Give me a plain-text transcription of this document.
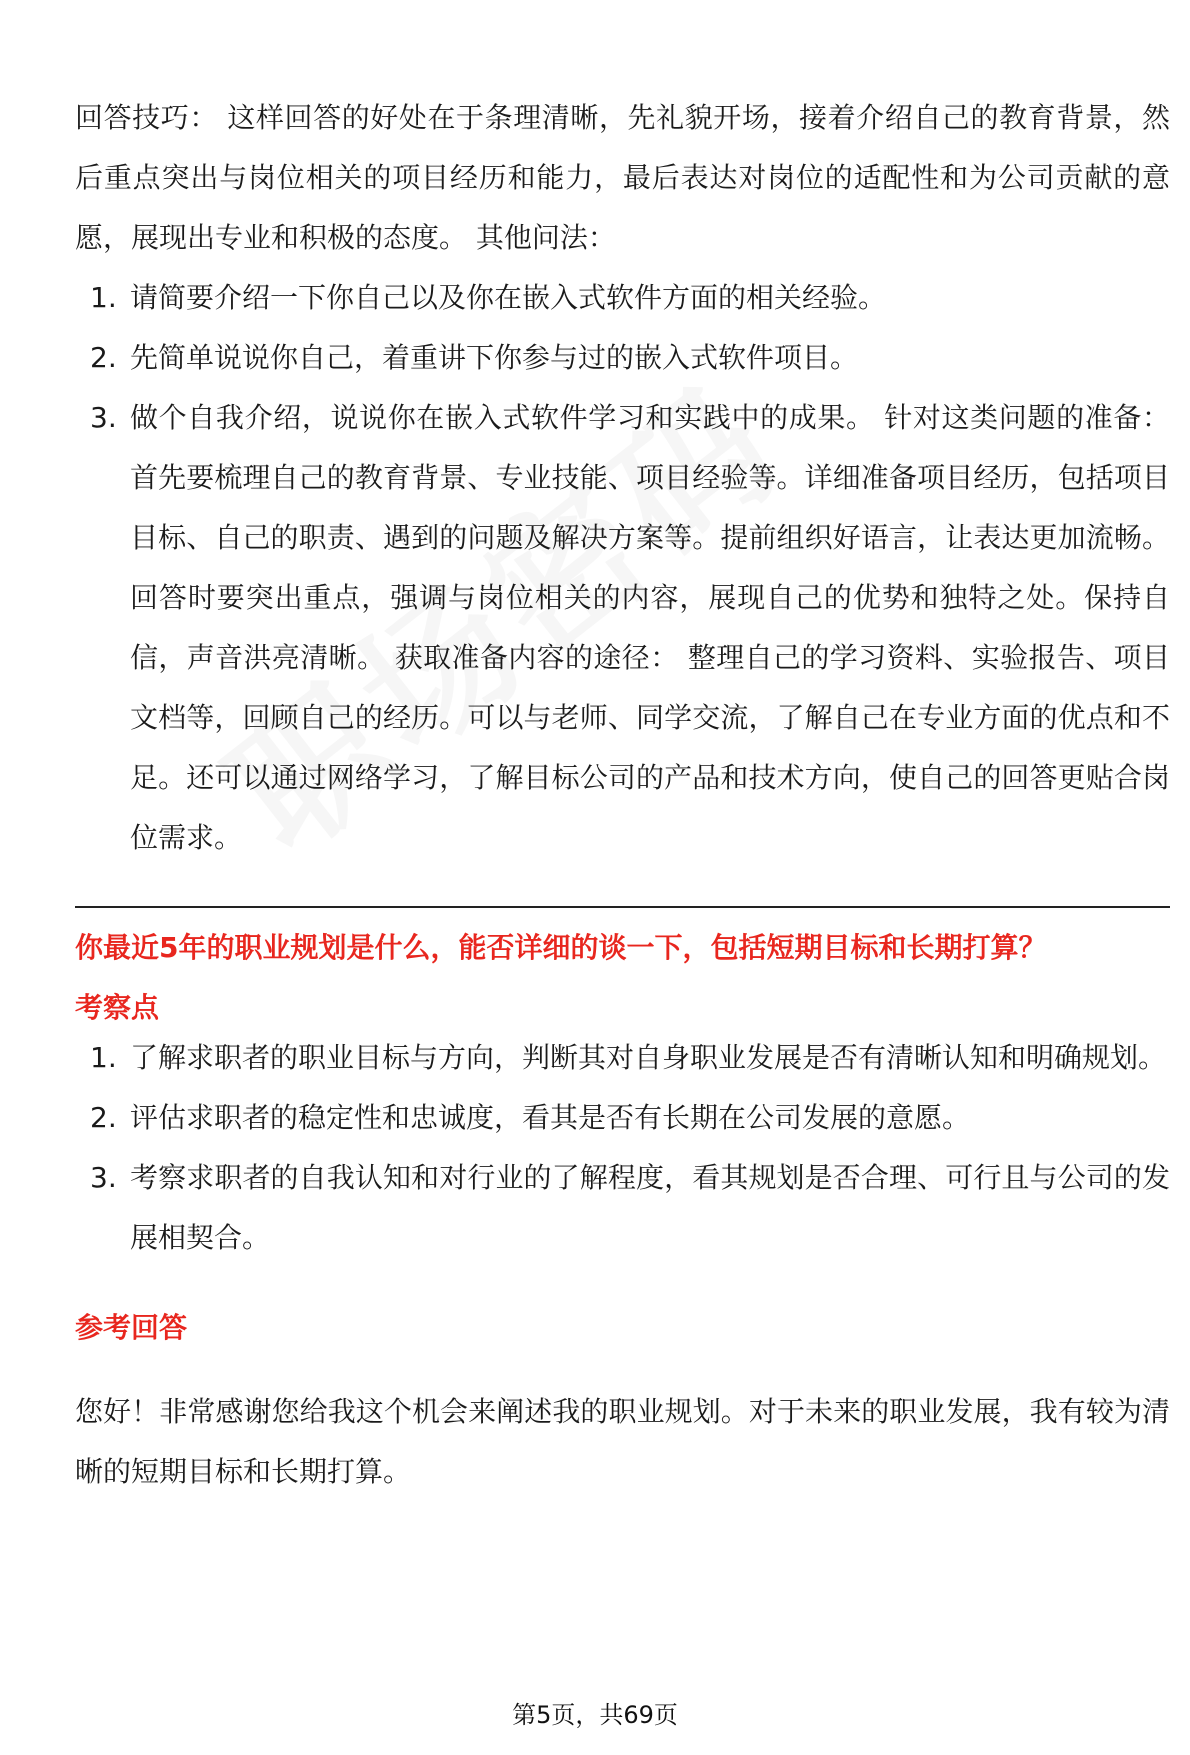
回答技巧： 这样回答的好处在于条理清晰，先礼貌开场，接着介绍自己的教育背景，然后重点突出与岗位相关的项目经历和能力，最后表达对岗位的适配性和为公司贡献的意愿，展现出专业和积极的态度。 其他问法：

1. 请简要介绍一下你自己以及你在嵌入式软件方面的相关经验。
2. 先简单说说你自己，着重讲下你参与过的嵌入式软件项目。
3. 做个自我介绍，说说你在嵌入式软件学习和实践中的成果。 针对这类问题的准备： 首先要梳理自己的教育背景、专业技能、项目经验等。详细准备项目经历，包括项目目标、自己的职责、遇到的问题及解决方案等。提前组织好语言，让表达更加流畅。 回答时要突出重点，强调与岗位相关的内容，展现自己的优势和独特之处。保持自信，声音洪亮清晰。 获取准备内容的途径： 整理自己的学习资料、实验报告、项目文档等，回顾自己的经历。可以与老师、同学交流，了解自己在专业方面的优点和不足。还可以通过网络学习，了解目标公司的产品和技术方向，使自己的回答更贴合岗位需求。
你最近5年的职业规划是什么，能否详细的谈一下，包括短期目标和长期打算？
考察点
1. 了解求职者的职业目标与方向，判断其对自身职业发展是否有清晰认知和明确规划。
2. 评估求职者的稳定性和忠诚度，看其是否有长期在公司发展的意愿。
3. 考察求职者的自我认知和对行业的了解程度，看其规划是否合理、可行且与公司的发展相契合。
参考回答

您好！非常感谢您给我这个机会来阐述我的职业规划。对于未来的职业发展，我有较为清晰的短期目标和长期打算。

第5页，共69页
